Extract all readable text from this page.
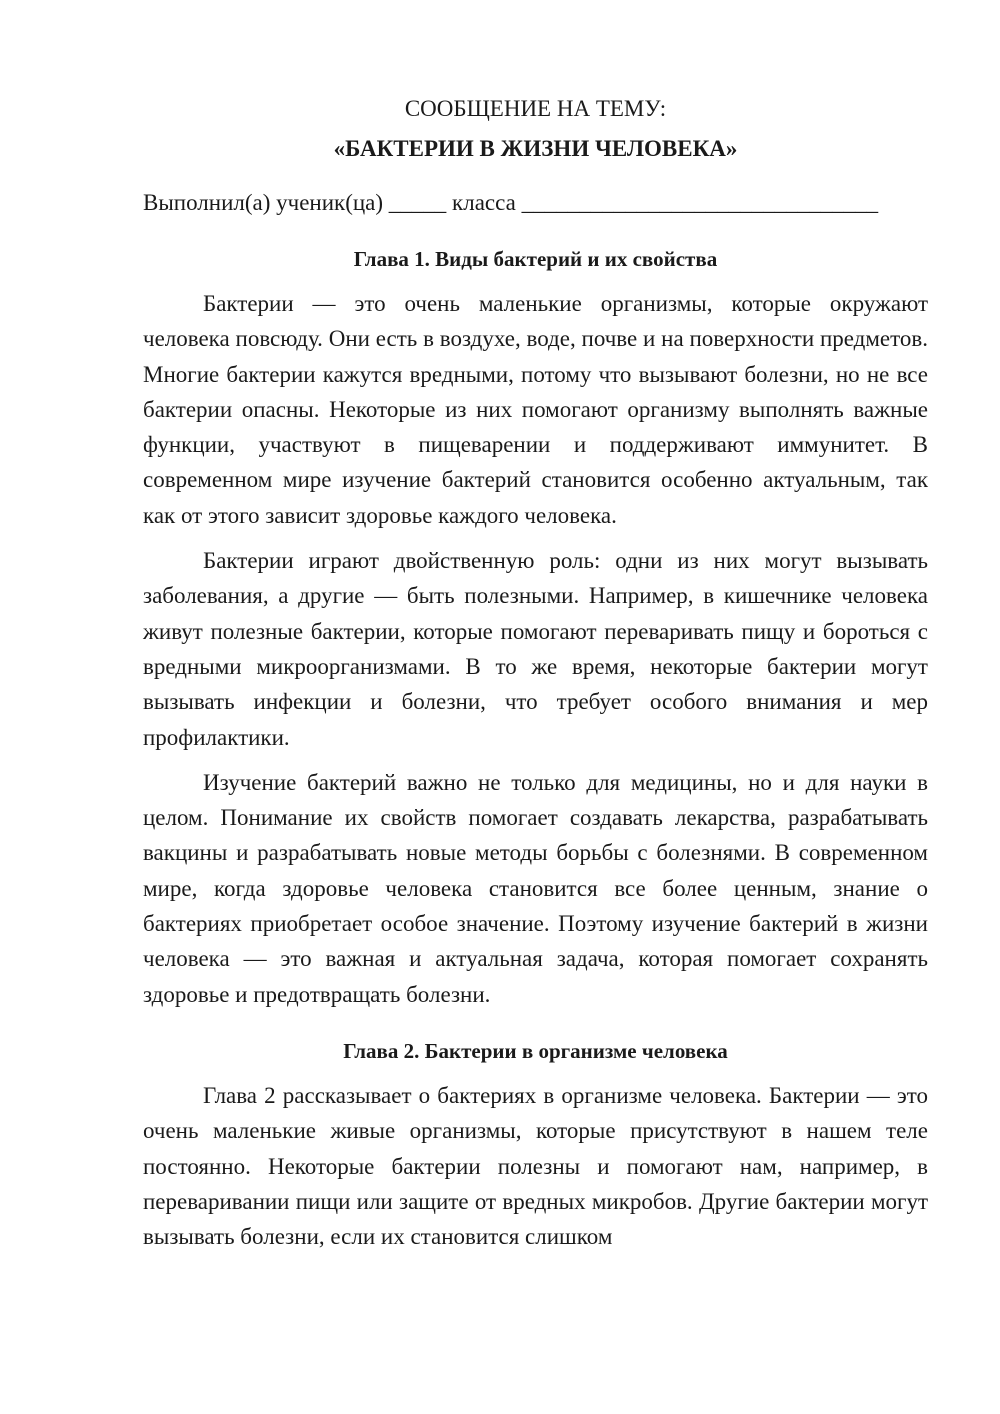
СООБЩЕНИЕ НА ТЕМУ:

«БАКТЕРИИ В ЖИЗНИ ЧЕЛОВЕКА»

Выполнил(а) ученик(ца) _____ класса _______________________________

Глава 1. Виды бактерий и их свойства

Бактерии — это очень маленькие организмы, которые окружают человека повсюду. Они есть в воздухе, воде, почве и на поверхности предметов. Многие бактерии кажутся вредными, потому что вызывают болезни, но не все бактерии опасны. Некоторые из них помогают организму выполнять важные функции, участвуют в пищеварении и поддерживают иммунитет. В современном мире изучение бактерий становится особенно актуальным, так как от этого зависит здоровье каждого человека.

Бактерии играют двойственную роль: одни из них могут вызывать заболевания, а другие — быть полезными. Например, в кишечнике человека живут полезные бактерии, которые помогают переваривать пищу и бороться с вредными микроорганизмами. В то же время, некоторые бактерии могут вызывать инфекции и болезни, что требует особого внимания и мер профилактики.

Изучение бактерий важно не только для медицины, но и для науки в целом. Понимание их свойств помогает создавать лекарства, разрабатывать вакцины и разрабатывать новые методы борьбы с болезнями. В современном мире, когда здоровье человека становится все более ценным, знание о бактериях приобретает особое значение. Поэтому изучение бактерий в жизни человека — это важная и актуальная задача, которая помогает сохранять здоровье и предотвращать болезни.

Глава 2. Бактерии в организме человека

Глава 2 рассказывает о бактериях в организме человека. Бактерии — это очень маленькие живые организмы, которые присутствуют в нашем теле постоянно. Некоторые бактерии полезны и помогают нам, например, в переваривании пищи или защите от вредных микробов. Другие бактерии могут вызывать болезни, если их становится слишком
